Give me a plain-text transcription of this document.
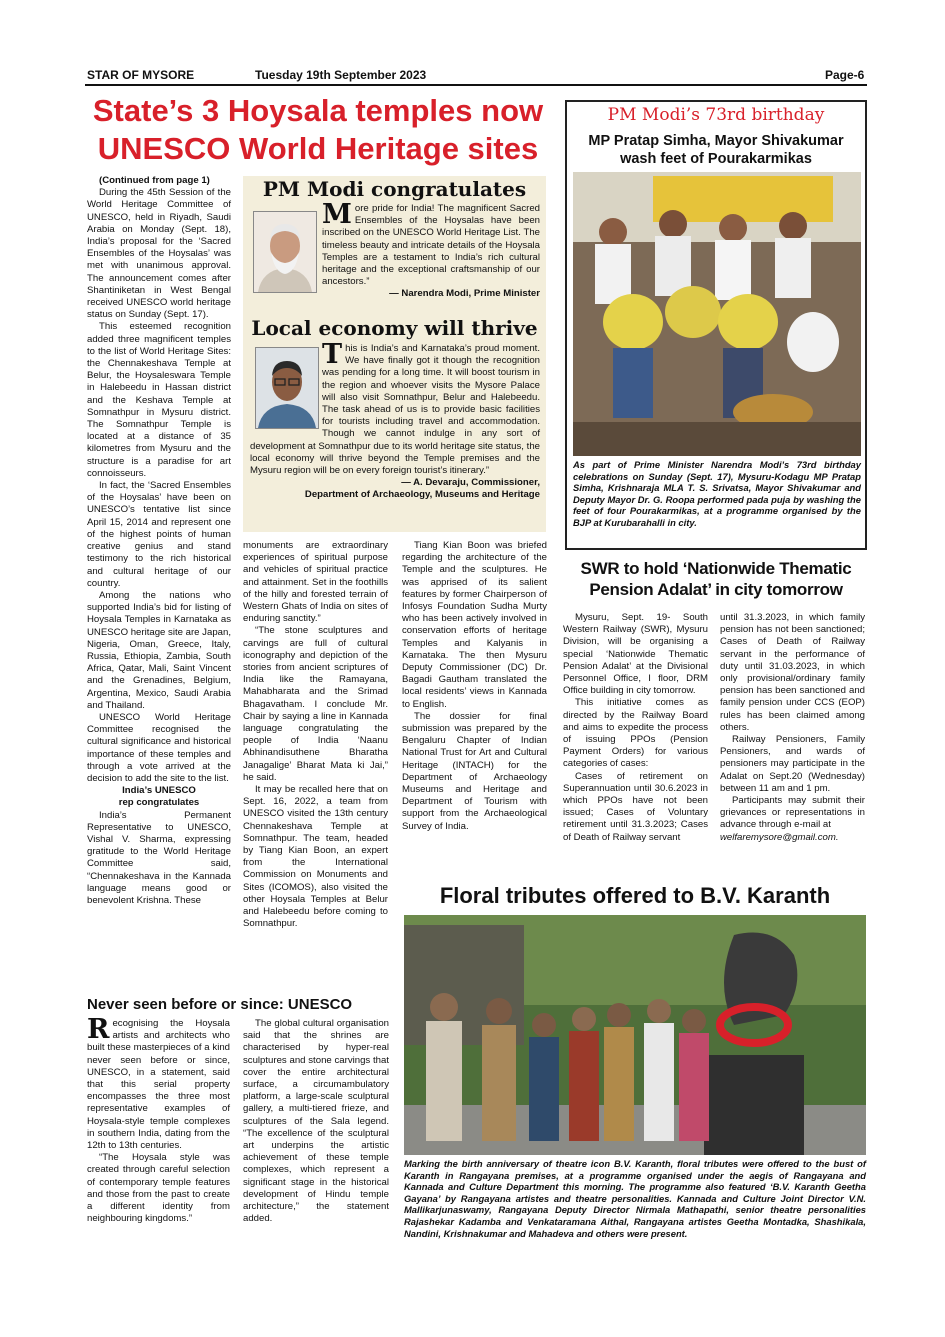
STAR OF MYSORE	Tuesday 19th September 2023	Page-6
State’s 3 Hoysala temples now
UNESCO World Heritage sites

(Continued from page 1)

During the 45th Session of the World Heritage Committee of UNESCO, held in Riyadh, Saudi Arabia on Monday (Sept. 18), India’s proposal for the ‘Sacred Ensembles of the Hoysalas’ was met with unanimous approval. The announcement comes after Shantiniketan in West Bengal received UNESCO world heritage status on Sunday (Sept. 17).

This esteemed recognition added three magnificent temples to the list of World Heritage Sites: the Chennakeshava Temple at Belur, the Hoysaleswara Temple in Halebeedu in Hassan district and the Keshava Temple at Somnathpur in Mysuru district. The Somnathpur Temple is located at a distance of 35 kilometres from Mysuru and the structure is a paradise for art connoisseurs.

In fact, the ‘Sacred Ensembles of the Hoysalas’ have been on UNESCO’s tentative list since April 15, 2014 and represent one of the highest points of human creative genius and stand testimony to the rich historical and cultural heritage of our country.

Among the nations who supported India’s bid for listing of Hoysala Temples in Karnataka as UNESCO heritage site are Japan, Nigeria, Oman, Greece, Italy, Russia, Ethiopia, Zambia, South Africa, Qatar, Mali, Saint Vincent and the Grenadines, Belgium, Argentina, Mexico, Saudi Arabia and Thailand.

UNESCO World Heritage Committee recognised the cultural significance and historical importance of these temples and through a vote arrived at the decision to add the site to the list.

India’s UNESCO

rep congratulates

India’s Permanent Representative to UNESCO, Vishal V. Sharma, expressing gratitude to the World Heritage Committee said, “Chennakeshava in the Kannada language means good or benevolent Krishna. These

PM Modi congratulates
More pride for India! The magnificent Sacred Ensembles of the Hoysalas have been inscribed on the UNESCO World Heritage List. The timeless beauty and intricate details of the Hoysala Temples are a testament to India’s rich cultural heritage and the exceptional craftsmanship of our ancestors.”
— Narendra Modi, Prime Minister
Local economy will thrive
This is India’s and Karnataka’s proud moment. We have finally got it though the recognition was pending for a long time. It will boost tourism in the region and whoever visits the Mysore Palace will also visit Somnathpur, Belur and Halebeedu. The task ahead of us is to provide basic facilities for tourists including travel and accommodation. Though we cannot indulge in any sort of development at Somnathpur due to its world heritage site status, the local economy will thrive beyond the Temple premises and the Mysuru region will be on every foreign tourist’s itinerary.”
— A. Devaraju, Commissioner,
Department of Archaeology, Museums and Heritage

monuments are extraordinary experiences of spiritual purpose and vehicles of spiritual practice and attainment. Set in the foothills of the hilly and forested terrain of Western Ghats of India on sites of enduring sanctity.”

“The stone sculptures and carvings are full of cultural iconography and depiction of the stories from ancient scriptures of India like the Ramayana, Mahabharata and the Srimad Bhagavatham. I conclude Mr. Chair by saying a line in Kannada language congratulating the people of India ‘Naanu Abhinandisuthene Bharatha Janagalige’ Bharat Mata ki Jai,” he said.

It may be recalled here that on Sept. 16, 2022, a team from UNESCO visited the 13th century Chennakeshava Temple at Somnathpur. The team, headed by Tiang Kian Boon, an expert from the International Commission on Monuments and Sites (ICOMOS), also visited the other Hoysala Temples at Belur and Halebeedu before coming to Somnathpur.

Tiang Kian Boon was briefed regarding the architecture of the Temple and the sculptures. He was apprised of its salient features by former Chairperson of Infosys Foundation Sudha Murty who has been actively involved in conservation efforts of heritage Temples and Kalyanis in Karnataka. The then Mysuru Deputy Commissioner (DC) Dr. Bagadi Gautham translated the local residents’ views in Kannada to English.

The dossier for final submission was prepared by the Bengaluru Chapter of Indian National Trust for Art and Cultural Heritage (INTACH) for the Department of Archaeology Museums and Heritage and Department of Tourism with support from the Archaeological Survey of India.

Never seen before or since: UNESCO
Recognising the Hoysala artists and architects who built these masterpieces of a kind never seen before or since, UNESCO, in a statement, said that this serial property encompasses the three most representative examples of Hoysala-style temple complexes in southern India, dating from the 12th to 13th centuries.

“The Hoysala style was created through careful selection of contemporary temple features and those from the past to create a different identity from neighbouring kingdoms.”

The global cultural organisation said that the shrines are characterised by hyper-real sculptures and stone carvings that cover the entire architectural surface, a circumambulatory platform, a large-scale sculptural gallery, a multi-tiered frieze, and sculptures of the Sala legend. “The excellence of the sculptural art underpins the artistic achievement of these temple complexes, which represent a significant stage in the historical development of Hindu temple architecture,” the statement added.

PM Modi’s 73rd birthday
MP Pratap Simha, Mayor Shivakumar
wash feet of Pourakarmikas
As part of Prime Minister Narendra Modi’s 73rd birthday celebrations on Sunday (Sept. 17), Mysuru-Kodagu MP Pratap Simha, Krishnaraja MLA T. S. Srivatsa, Mayor Shivakumar and Deputy Mayor Dr. G. Roopa performed pada puja by washing the feet of four Pourakarmikas, at a programme organised by the BJP at Kurubarahalli in city.
SWR to hold ‘Nationwide Thematic
Pension Adalat’ in city tomorrow

Mysuru, Sept. 19- South Western Railway (SWR), Mysuru Division, will be organising a special ‘Nationwide Thematic Pension Adalat’ at the Divisional Personnel Office, I floor, DRM Office building in city tomorrow.

This initiative comes as directed by the Railway Board and aims to expedite the process of issuing PPOs (Pension Payment Orders) for various categories of cases:

Cases of retirement on Superannuation until 30.6.2023 in which PPOs have not been issued; Cases of Voluntary retirement until 31.3.2023; Cases of Death of Railway servant

until 31.3.2023, in which family pension has not been sanctioned; Cases of Death of Railway servant in the performance of duty until 31.03.2023, in which only provisional/ordinary family pension has been sanctioned and family pension under CCS (EOP) rules has been claimed among others.

Railway Pensioners, Family Pensioners, and wards of pensioners may participate in the Adalat on Sept.20 (Wednesday) between 11 am and 1 pm.

Participants may submit their grievances or representations in advance through e-mail at

welfaremysore@gmail.com.

Floral tributes offered to B.V. Karanth
Marking the birth anniversary of theatre icon B.V. Karanth, floral tributes were offered to the bust of Karanth in Rangayana premises, at a programme organised under the aegis of Rangayana and Kannada and Culture Department this morning. The programme also featured ‘B.V. Karanth Geetha Gayana’ by Rangayana artistes and theatre personalities. Kannada and Culture Joint Director V.N. Mallikarjunaswamy, Rangayana Deputy Director Nirmala Mathapathi, senior theatre personalities Rajashekar Kadamba and Venkataramana Aithal, Rangayana artistes Geetha Montadka, Shashikala, Nandini, Krishnakumar and Mahadeva and others were present.
